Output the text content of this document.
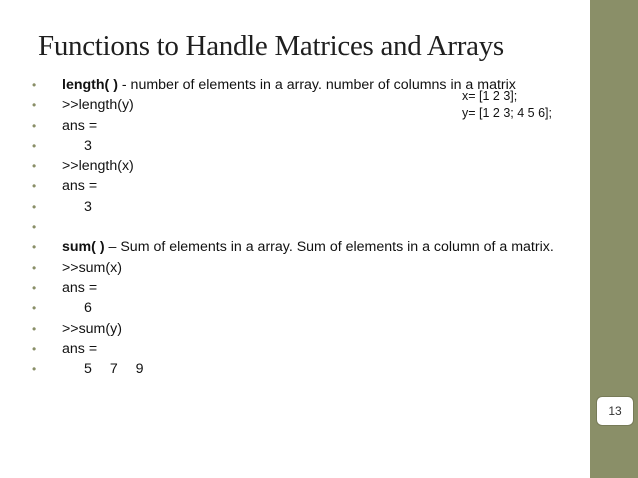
Functions to Handle Matrices and Arrays
• length( ) - number of elements in a array. number of columns in a matrix
• >>length(y)
• ans =
•	3
• >>length(x)
• ans =
•	3
•

• sum( ) – Sum of elements in a array. Sum of elements in a column of a matrix.
• >>sum(x)
• ans =
•	6
• >>sum(y)
• ans =
•	5 7 9
x= [1 2 3];
y= [1 2 3; 4 5 6];
13
